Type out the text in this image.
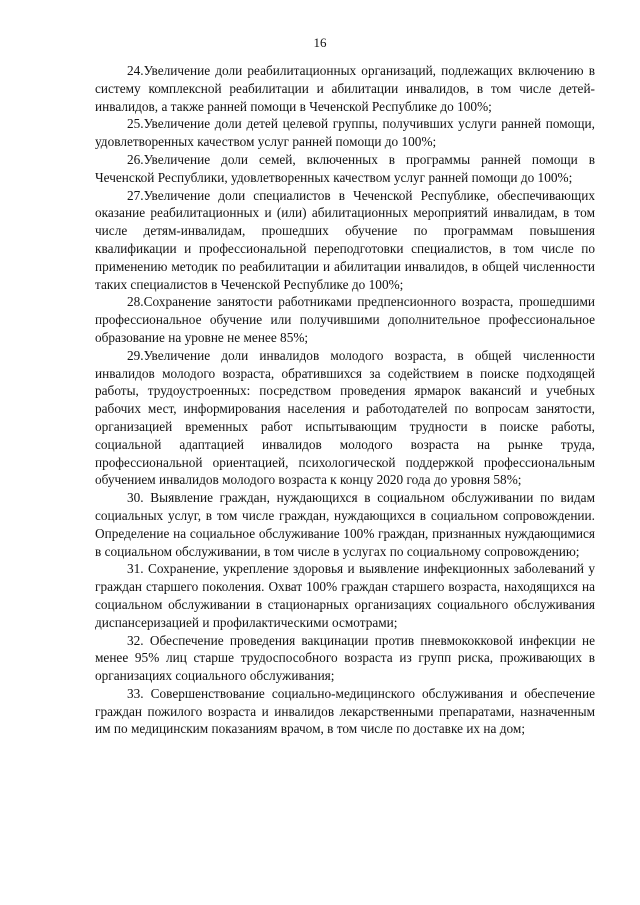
16

24.Увеличение доли реабилитационных организаций, подлежащих включению в систему комплексной реабилитации и абилитации инвалидов, в том числе детей-инвалидов, а также ранней помощи в Чеченской Республике до 100%;

25.Увеличение доли детей целевой группы, получивших услуги ранней помощи, удовлетворенных качеством услуг ранней помощи до 100%;

26.Увеличение доли семей, включенных в программы ранней помощи в Чеченской Республики, удовлетворенных качеством услуг ранней помощи до 100%;

27.Увеличение доли специалистов в Чеченской Республике, обеспечивающих оказание реабилитационных и (или) абилитационных мероприятий инвалидам, в том числе детям-инвалидам, прошедших обучение по программам повышения квалификации и профессиональной переподготовки специалистов, в том числе по применению методик по реабилитации и абилитации инвалидов, в общей численности таких специалистов в Чеченской Республике до 100%;

28.Сохранение занятости работниками предпенсионного возраста, прошедшими профессиональное обучение или получившими дополнительное профессиональное образование на уровне не менее 85%;

29.Увеличение доли инвалидов молодого возраста, в общей численности инвалидов молодого возраста, обратившихся за содействием в поиске подходящей работы, трудоустроенных: посредством проведения ярмарок вакансий и учебных рабочих мест, информирования населения и работодателей по вопросам занятости, организацией временных работ испытывающим трудности в поиске работы, социальной адаптацией инвалидов молодого возраста на рынке труда, профессиональной ориентацией, психологической поддержкой профессиональным обучением инвалидов молодого возраста к концу 2020 года до уровня 58%;

30. Выявление граждан, нуждающихся в социальном обслуживании по видам социальных услуг, в том числе граждан, нуждающихся в социальном сопровождении. Определение на социальное обслуживание 100% граждан, признанных нуждающимися в социальном обслуживании, в том числе в услугах по социальному сопровождению;

31. Сохранение, укрепление здоровья и выявление инфекционных заболеваний у граждан старшего поколения. Охват 100% граждан старшего возраста, находящихся на социальном обслуживании в стационарных организациях социального обслуживания диспансеризацией и профилактическими осмотрами;

32. Обеспечение проведения вакцинации против пневмококковой инфекции не менее 95% лиц старше трудоспособного возраста из групп риска, проживающих в организациях социального обслуживания;

33. Совершенствование социально-медицинского обслуживания и обеспечение граждан пожилого возраста и инвалидов лекарственными препаратами, назначенным им по медицинским показаниям врачом, в том числе по доставке их на дом;
